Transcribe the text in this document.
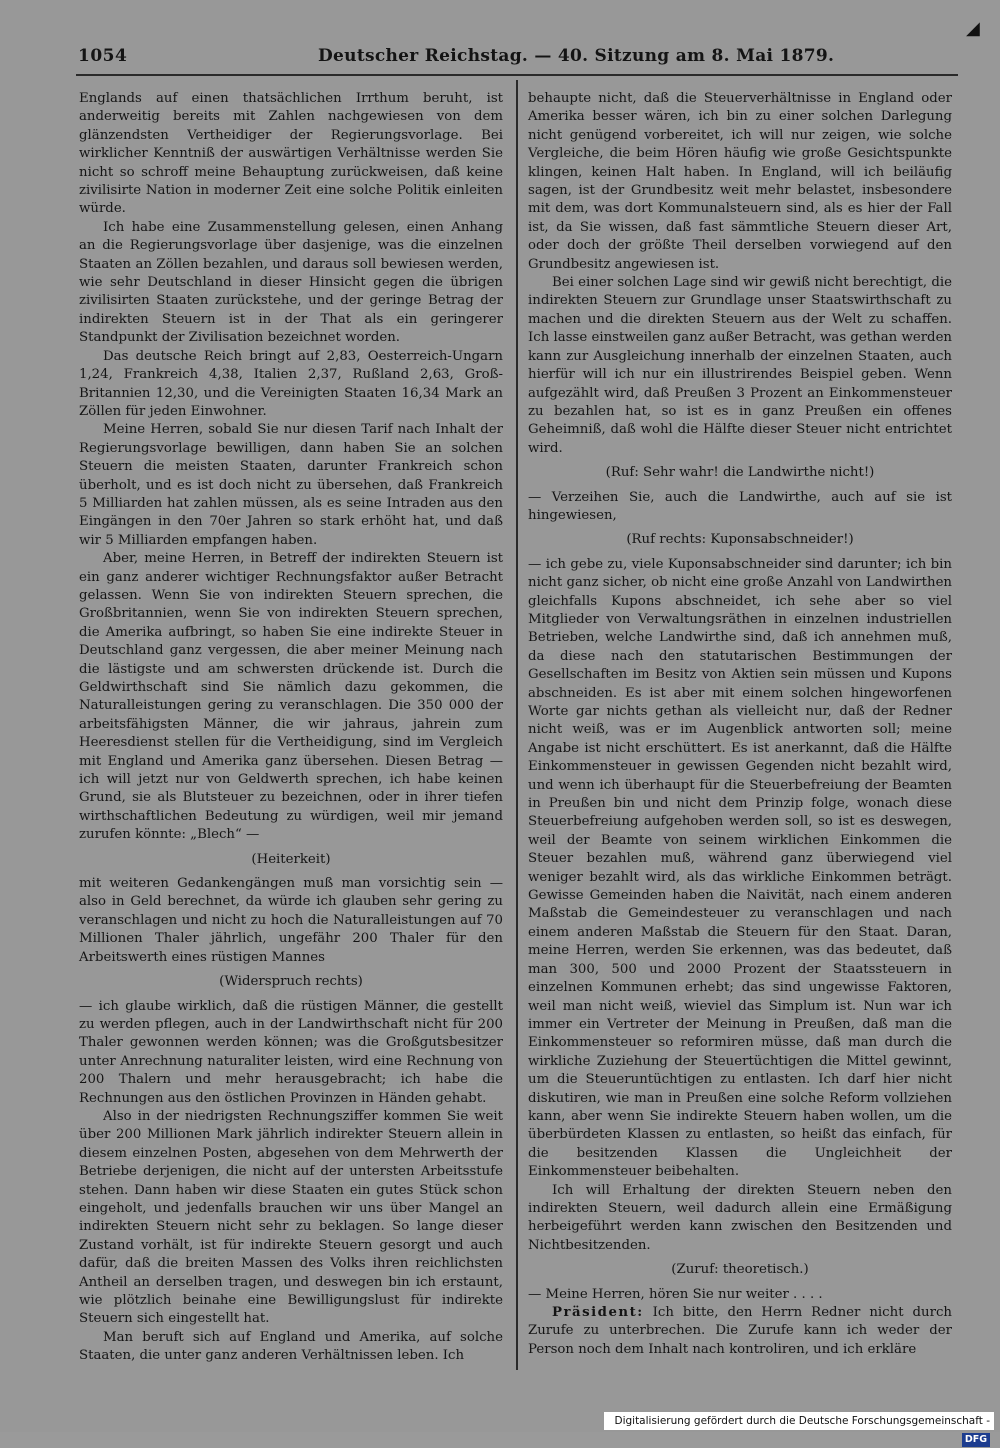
◢
1054	Deutscher Reichstag. — 40. Sitzung am 8. Mai 1879.

Englands auf einen thatsächlichen Irrthum beruht, ist anderweitig bereits mit Zahlen nachgewiesen von dem glänzendsten Vertheidiger der Regierungsvorlage. Bei wirklicher Kenntniß der auswärtigen Verhältnisse werden Sie nicht so schroff meine Behauptung zurückweisen, daß keine zivilisirte Nation in moderner Zeit eine solche Politik einleiten würde.

Ich habe eine Zusammenstellung gelesen, einen Anhang an die Regierungsvorlage über dasjenige, was die einzelnen Staaten an Zöllen bezahlen, und daraus soll bewiesen werden, wie sehr Deutschland in dieser Hinsicht gegen die übrigen zivilisirten Staaten zurückstehe, und der geringe Betrag der indirekten Steuern ist in der That als ein geringerer Standpunkt der Zivilisation bezeichnet worden.

Das deutsche Reich bringt auf 2,83, Oesterreich-Ungarn 1,24, Frankreich 4,38, Italien 2,37, Rußland 2,63, Groß-Britannien 12,30, und die Vereinigten Staaten 16,34 Mark an Zöllen für jeden Einwohner.

Meine Herren, sobald Sie nur diesen Tarif nach Inhalt der Regierungsvorlage bewilligen, dann haben Sie an solchen Steuern die meisten Staaten, darunter Frankreich schon überholt, und es ist doch nicht zu übersehen, daß Frankreich 5 Milliarden hat zahlen müssen, als es seine Intraden aus den Eingängen in den 70er Jahren so stark erhöht hat, und daß wir 5 Milliarden empfangen haben.

Aber, meine Herren, in Betreff der indirekten Steuern ist ein ganz anderer wichtiger Rechnungsfaktor außer Betracht gelassen. Wenn Sie von indirekten Steuern sprechen, die Großbritannien, wenn Sie von indirekten Steuern sprechen, die Amerika aufbringt, so haben Sie eine indirekte Steuer in Deutschland ganz vergessen, die aber meiner Meinung nach die lästigste und am schwersten drückende ist. Durch die Geldwirthschaft sind Sie nämlich dazu gekommen, die Naturalleistungen gering zu veranschlagen. Die 350 000 der arbeitsfähigsten Männer, die wir jahraus, jahrein zum Heeresdienst stellen für die Vertheidigung, sind im Vergleich mit England und Amerika ganz übersehen. Diesen Betrag — ich will jetzt nur von Geldwerth sprechen, ich habe keinen Grund, sie als Blutsteuer zu bezeichnen, oder in ihrer tiefen wirthschaftlichen Bedeutung zu würdigen, weil mir jemand zurufen könnte: „Blech“ —

(Heiterkeit)

mit weiteren Gedankengängen muß man vorsichtig sein — also in Geld berechnet, da würde ich glauben sehr gering zu veranschlagen und nicht zu hoch die Naturalleistungen auf 70 Millionen Thaler jährlich, ungefähr 200 Thaler für den Arbeitswerth eines rüstigen Mannes

(Widerspruch rechts)

— ich glaube wirklich, daß die rüstigen Männer, die gestellt zu werden pflegen, auch in der Landwirthschaft nicht für 200 Thaler gewonnen werden können; was die Großgutsbesitzer unter Anrechnung naturaliter leisten, wird eine Rechnung von 200 Thalern und mehr herausgebracht; ich habe die Rechnungen aus den östlichen Provinzen in Händen gehabt.

Also in der niedrigsten Rechnungsziffer kommen Sie weit über 200 Millionen Mark jährlich indirekter Steuern allein in diesem einzelnen Posten, abgesehen von dem Mehrwerth der Betriebe derjenigen, die nicht auf der untersten Arbeitsstufe stehen. Dann haben wir diese Staaten ein gutes Stück schon eingeholt, und jedenfalls brauchen wir uns über Mangel an indirekten Steuern nicht sehr zu beklagen. So lange dieser Zustand vorhält, ist für indirekte Steuern gesorgt und auch dafür, daß die breiten Massen des Volks ihren reichlichsten Antheil an derselben tragen, und deswegen bin ich erstaunt, wie plötzlich beinahe eine Bewilligungslust für indirekte Steuern sich eingestellt hat.

Man beruft sich auf England und Amerika, auf solche Staaten, die unter ganz anderen Verhältnissen leben. Ich

behaupte nicht, daß die Steuerverhältnisse in England oder Amerika besser wären, ich bin zu einer solchen Darlegung nicht genügend vorbereitet, ich will nur zeigen, wie solche Vergleiche, die beim Hören häufig wie große Gesichtspunkte klingen, keinen Halt haben. In England, will ich beiläufig sagen, ist der Grundbesitz weit mehr belastet, insbesondere mit dem, was dort Kommunalsteuern sind, als es hier der Fall ist, da Sie wissen, daß fast sämmtliche Steuern dieser Art, oder doch der größte Theil derselben vorwiegend auf den Grundbesitz angewiesen ist.

Bei einer solchen Lage sind wir gewiß nicht berechtigt, die indirekten Steuern zur Grundlage unser Staatswirthschaft zu machen und die direkten Steuern aus der Welt zu schaffen. Ich lasse einstweilen ganz außer Betracht, was gethan werden kann zur Ausgleichung innerhalb der einzelnen Staaten, auch hierfür will ich nur ein illustrirendes Beispiel geben. Wenn aufgezählt wird, daß Preußen 3 Prozent an Einkommensteuer zu bezahlen hat, so ist es in ganz Preußen ein offenes Geheimniß, daß wohl die Hälfte dieser Steuer nicht entrichtet wird.

(Ruf: Sehr wahr! die Landwirthe nicht!)

— Verzeihen Sie, auch die Landwirthe, auch auf sie ist hingewiesen,

(Ruf rechts: Kuponsabschneider!)

— ich gebe zu, viele Kuponsabschneider sind darunter; ich bin nicht ganz sicher, ob nicht eine große Anzahl von Landwirthen gleichfalls Kupons abschneidet, ich sehe aber so viel Mitglieder von Verwaltungsräthen in einzelnen industriellen Betrieben, welche Landwirthe sind, daß ich annehmen muß, da diese nach den statutarischen Bestimmungen der Gesellschaften im Besitz von Aktien sein müssen und Kupons abschneiden. Es ist aber mit einem solchen hingeworfenen Worte gar nichts gethan als vielleicht nur, daß der Redner nicht weiß, was er im Augenblick antworten soll; meine Angabe ist nicht erschüttert. Es ist anerkannt, daß die Hälfte Einkommensteuer in gewissen Gegenden nicht bezahlt wird, und wenn ich überhaupt für die Steuerbefreiung der Beamten in Preußen bin und nicht dem Prinzip folge, wonach diese Steuerbefreiung aufgehoben werden soll, so ist es deswegen, weil der Beamte von seinem wirklichen Einkommen die Steuer bezahlen muß, während ganz überwiegend viel weniger bezahlt wird, als das wirkliche Einkommen beträgt. Gewisse Gemeinden haben die Naivität, nach einem anderen Maßstab die Gemeindesteuer zu veranschlagen und nach einem anderen Maßstab die Steuern für den Staat. Daran, meine Herren, werden Sie erkennen, was das bedeutet, daß man 300, 500 und 2000 Prozent der Staatssteuern in einzelnen Kommunen erhebt; das sind ungewisse Faktoren, weil man nicht weiß, wieviel das Simplum ist. Nun war ich immer ein Vertreter der Meinung in Preußen, daß man die Einkommensteuer so reformiren müsse, daß man durch die wirkliche Zuziehung der Steuertüchtigen die Mittel gewinnt, um die Steueruntüchtigen zu entlasten. Ich darf hier nicht diskutiren, wie man in Preußen eine solche Reform vollziehen kann, aber wenn Sie indirekte Steuern haben wollen, um die überbürdeten Klassen zu entlasten, so heißt das einfach, für die besitzenden Klassen die Ungleichheit der Einkommensteuer beibehalten.

Ich will Erhaltung der direkten Steuern neben den indirekten Steuern, weil dadurch allein eine Ermäßigung herbeigeführt werden kann zwischen den Besitzenden und Nichtbesitzenden.

(Zuruf: theoretisch.)

— Meine Herren, hören Sie nur weiter . . . .

Präsident: Ich bitte, den Herrn Redner nicht durch Zurufe zu unterbrechen. Die Zurufe kann ich weder der Person noch dem Inhalt nach kontroliren, und ich erkläre

Digitalisierung gefördert durch die Deutsche Forschungsgemeinschaft -DFG
